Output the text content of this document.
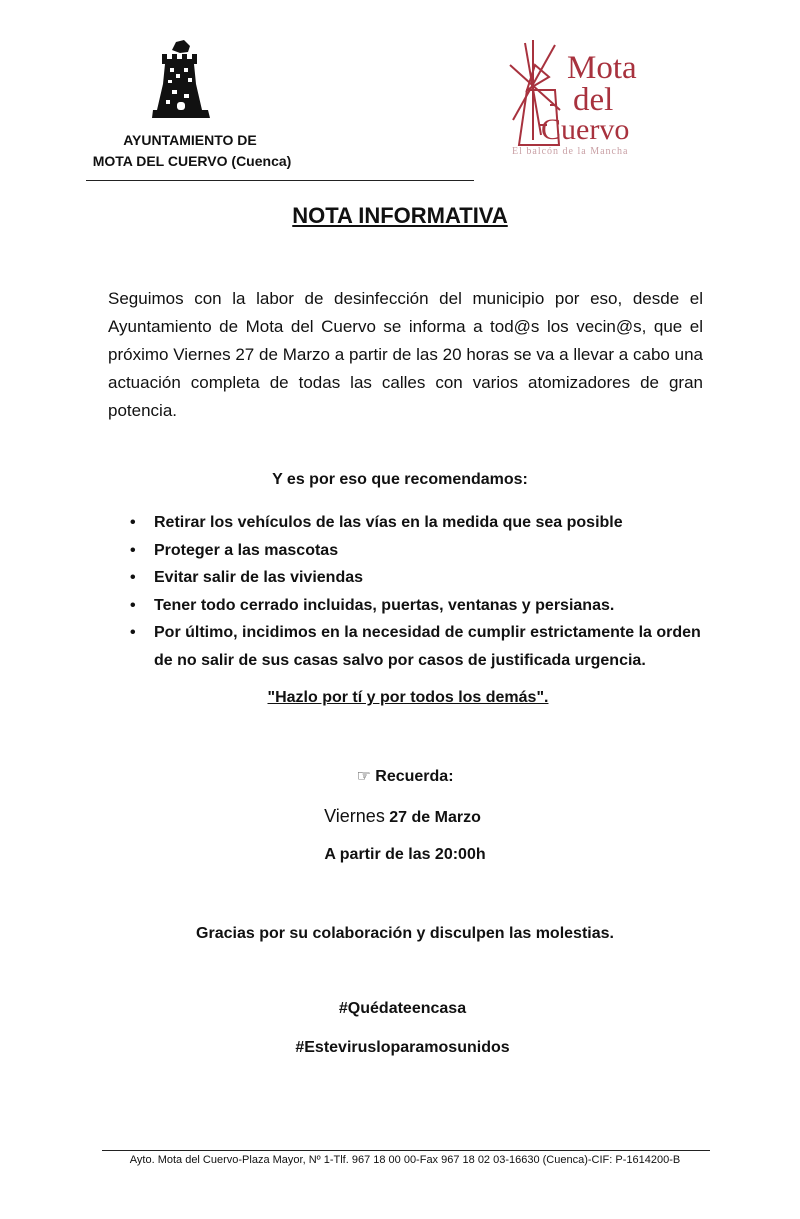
AYUNTAMIENTO DE
MOTA DEL CUERVO (Cuenca)
Mota
del
Cuervo
El balcón de la Mancha
NOTA INFORMATIVA
Seguimos con la labor de desinfección del municipio por eso, desde el Ayuntamiento de Mota del Cuervo se informa a tod@s los vecin@s, que el próximo Viernes 27 de Marzo a partir de las 20 horas se va a llevar a cabo una actuación completa de todas las calles con varios atomizadores de gran potencia.
Y es por eso que recomendamos:
• Retirar los vehículos de las vías en la medida que sea posible
• Proteger a las mascotas
• Evitar salir de las viviendas
• Tener todo cerrado incluidas, puertas, ventanas y persianas.
• Por último, incidimos en la necesidad de cumplir estrictamente la orden de no salir de sus casas salvo por casos de justificada urgencia.
"Hazlo por tí y por todos los demás".
☞ Recuerda:
Viernes 27 de Marzo
A partir de las 20:00h
Gracias por su colaboración y disculpen las molestias.
#Quédateencasa
#Estevirusloparamosunidos
Ayto. Mota del Cuervo-Plaza Mayor, Nº 1-Tlf. 967 18 00 00-Fax 967 18 02 03-16630 (Cuenca)-CIF: P-1614200-B
